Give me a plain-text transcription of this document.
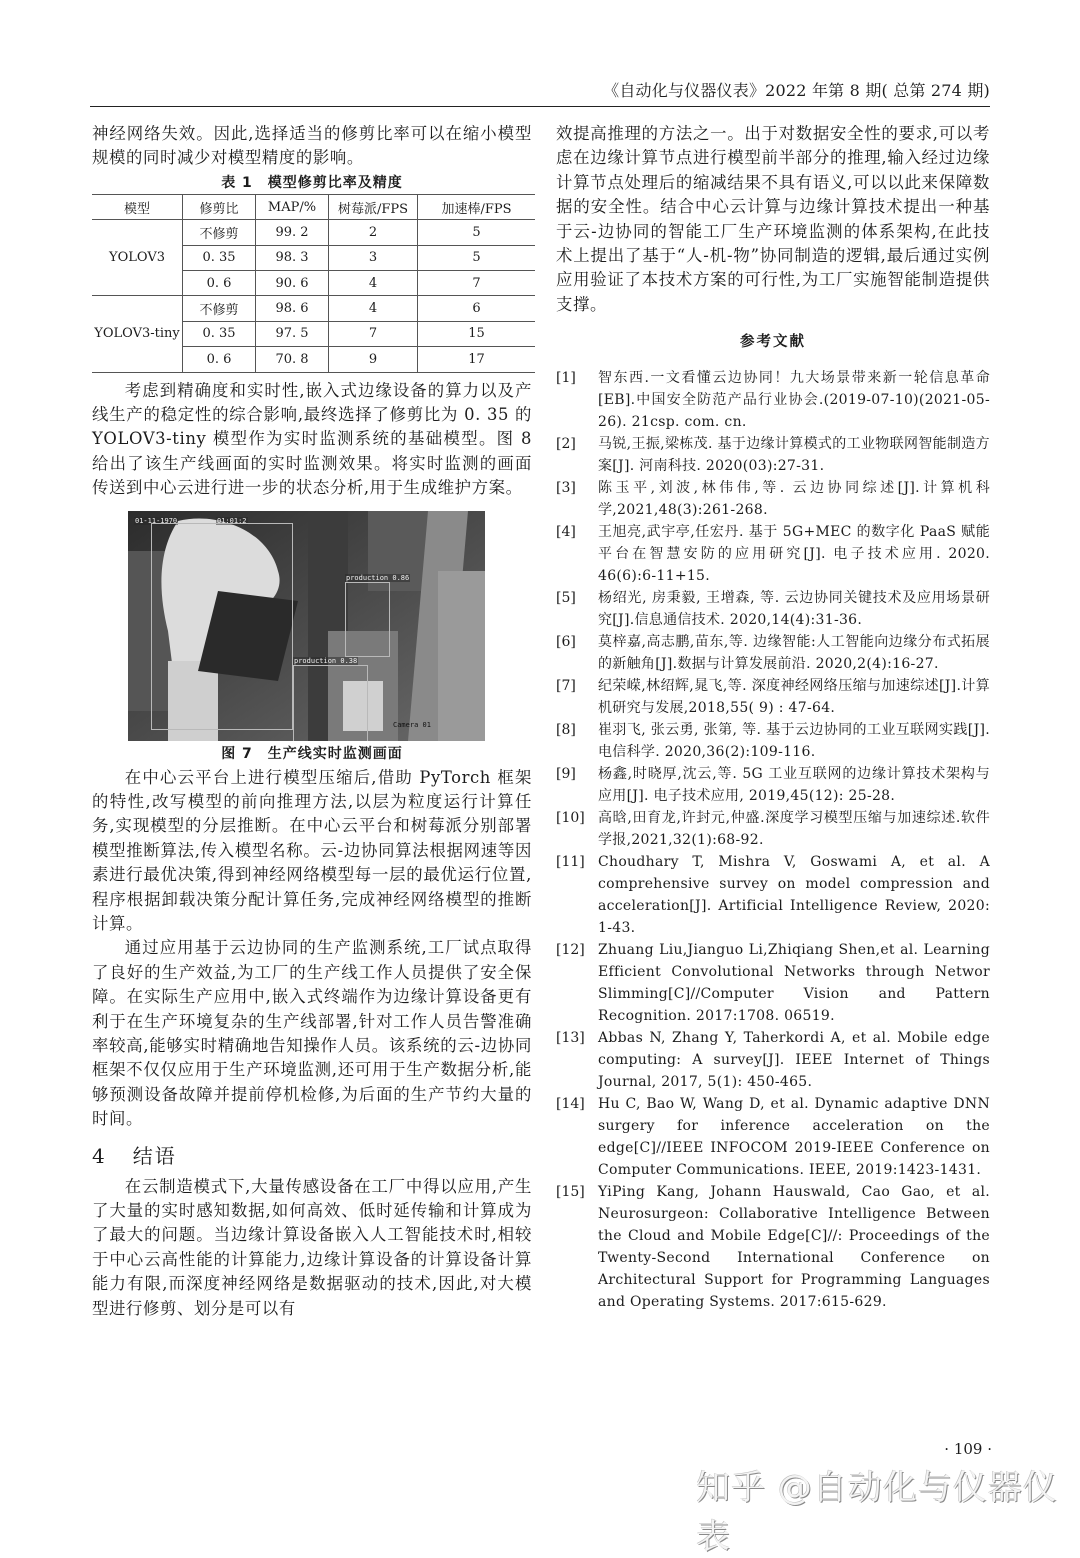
《自动化与仪器仪表》2022 年第 8 期( 总第 274 期)

神经网络失效。因此,选择适当的修剪比率可以在缩小模型规模的同时减少对模型精度的影响。

表 1　模型修剪比率及精度
模型	修剪比	MAP/%	树莓派/FPS	加速棒/FPS
YOLOV3	不修剪	99. 2	2	5
	0. 35	98. 3	3	5
	0. 6	90. 6	4	7
YOLOV3-tiny	不修剪	98. 6	4	6
	0. 35	97. 5	7	15
	0. 6	70. 8	9	17

考虑到精确度和实时性,嵌入式边缘设备的算力以及产线生产的稳定性的综合影响,最终选择了修剪比为 0. 35 的 YOLOV3-tiny 模型作为实时监测系统的基础模型。图 8 给出了该生产线画面的实时监测效果。将实时监测的画面传送到中心云进行进一步的状态分析,用于生成维护方案。

01-11-1970	01:01:2
production 0.86
production 0.38
Camera 01
图 7　生产线实时监测画面

在中心云平台上进行模型压缩后,借助 PyTorch 框架的特性,改写模型的前向推理方法,以层为粒度运行计算任务,实现模型的分层推断。在中心云平台和树莓派分别部署模型推断算法,传入模型名称。云-边协同算法根据网速等因素进行最优决策,得到神经网络模型每一层的最优运行位置,程序根据卸载决策分配计算任务,完成神经网络模型的推断计算。

通过应用基于云边协同的生产监测系统,工厂试点取得了良好的生产效益,为工厂的生产线工作人员提供了安全保障。在实际生产应用中,嵌入式终端作为边缘计算设备更有利于在生产环境复杂的生产线部署,针对工作人员告警准确率较高,能够实时精确地告知操作人员。该系统的云-边协同框架不仅仅应用于生产环境监测,还可用于生产数据分析,能够预测设备故障并提前停机检修,为后面的生产节约大量的时间。

4 结语

在云制造模式下,大量传感设备在工厂中得以应用,产生了大量的实时感知数据,如何高效、低时延传输和计算成为了最大的问题。当边缘计算设备嵌入人工智能技术时,相较于中心云高性能的计算能力,边缘计算设备的计算设备计算能力有限,而深度神经网络是数据驱动的技术,因此,对大模型进行修剪、划分是可以有

效提高推理的方法之一。出于对数据安全性的要求,可以考虑在边缘计算节点进行模型前半部分的推理,输入经过边缘计算节点处理后的缩减结果不具有语义,可以以此来保障数据的安全性。结合中心云计算与边缘计算技术提出一种基于云-边协同的智能工厂生产环境监测的体系架构,在此技术上提出了基于“人-机-物”协同制造的逻辑,最后通过实例应用验证了本技术方案的可行性,为工厂实施智能制造提供支撑。

参考文献
[1]	智东西.一文看懂云边协同！九大场景带来新一轮信息革命[EB].中国安全防范产品行业协会.(2019-07-10)(2021-05-26). 21csp. com. cn.
[2]	马锐,王振,梁栋茂. 基于边缘计算模式的工业物联网智能制造方案[J]. 河南科技. 2020(03):27-31.
[3]	陈玉平,刘波,林伟伟,等. 云边协同综述[J].计算机科学,2021,48(3):261-268.
[4]	王旭亮,武宇亭,任宏丹. 基于 5G+MEC 的数字化 PaaS 赋能平台在智慧安防的应用研究[J]. 电子技术应用. 2020. 46(6):6-11+15.
[5]	杨绍光, 房秉毅, 王增森, 等. 云边协同关键技术及应用场景研究[J].信息通信技术. 2020,14(4):31-36.
[6]	莫梓嘉,高志鹏,苗东,等. 边缘智能:人工智能向边缘分布式拓展的新触角[J].数据与计算发展前沿. 2020,2(4):16-27.
[7]	纪荣嵘,林绍辉,晁飞,等. 深度神经网络压缩与加速综述[J].计算机研究与发展,2018,55( 9) : 47-64.
[8]	崔羽飞, 张云勇, 张第, 等. 基于云边协同的工业互联网实践[J]. 电信科学. 2020,36(2):109-116.
[9]	杨鑫,时晓厚,沈云,等. 5G 工业互联网的边缘计算技术架构与应用[J]. 电子技术应用, 2019,45(12): 25-28.
[10] 高晗,田育龙,许封元,仲盛.深度学习模型压缩与加速综述.软件学报,2021,32(1):68-92.
[11] Choudhary T, Mishra V, Goswami A, et al. A comprehensive survey on model compression and acceleration[J]. Artificial Intelligence Review, 2020: 1-43.
[12] Zhuang Liu,Jianguo Li,Zhiqiang Shen,et al. Learning Efficient Convolutional Networks through Networ Slimming[C]//Computer Vision and Pattern Recognition. 2017:1708. 06519.
[13] Abbas N, Zhang Y, Taherkordi A, et al. Mobile edge computing: A survey[J]. IEEE Internet of Things Journal, 2017, 5(1): 450-465.
[14] Hu C, Bao W, Wang D, et al. Dynamic adaptive DNN surgery for inference acceleration on the edge[C]//IEEE INFOCOM 2019-IEEE Conference on Computer Communications. IEEE, 2019:1423-1431.
[15] YiPing Kang, Johann Hauswald, Cao Gao, et al. Neurosurgeon: Collaborative Intelligence Between the Cloud and Mobile Edge[C]//: Proceedings of the Twenty-Second International Conference on Architectural Support for Programming Languages and Operating Systems. 2017:615-629.
· 109 ·
知乎 @自动化与仪器仪表
